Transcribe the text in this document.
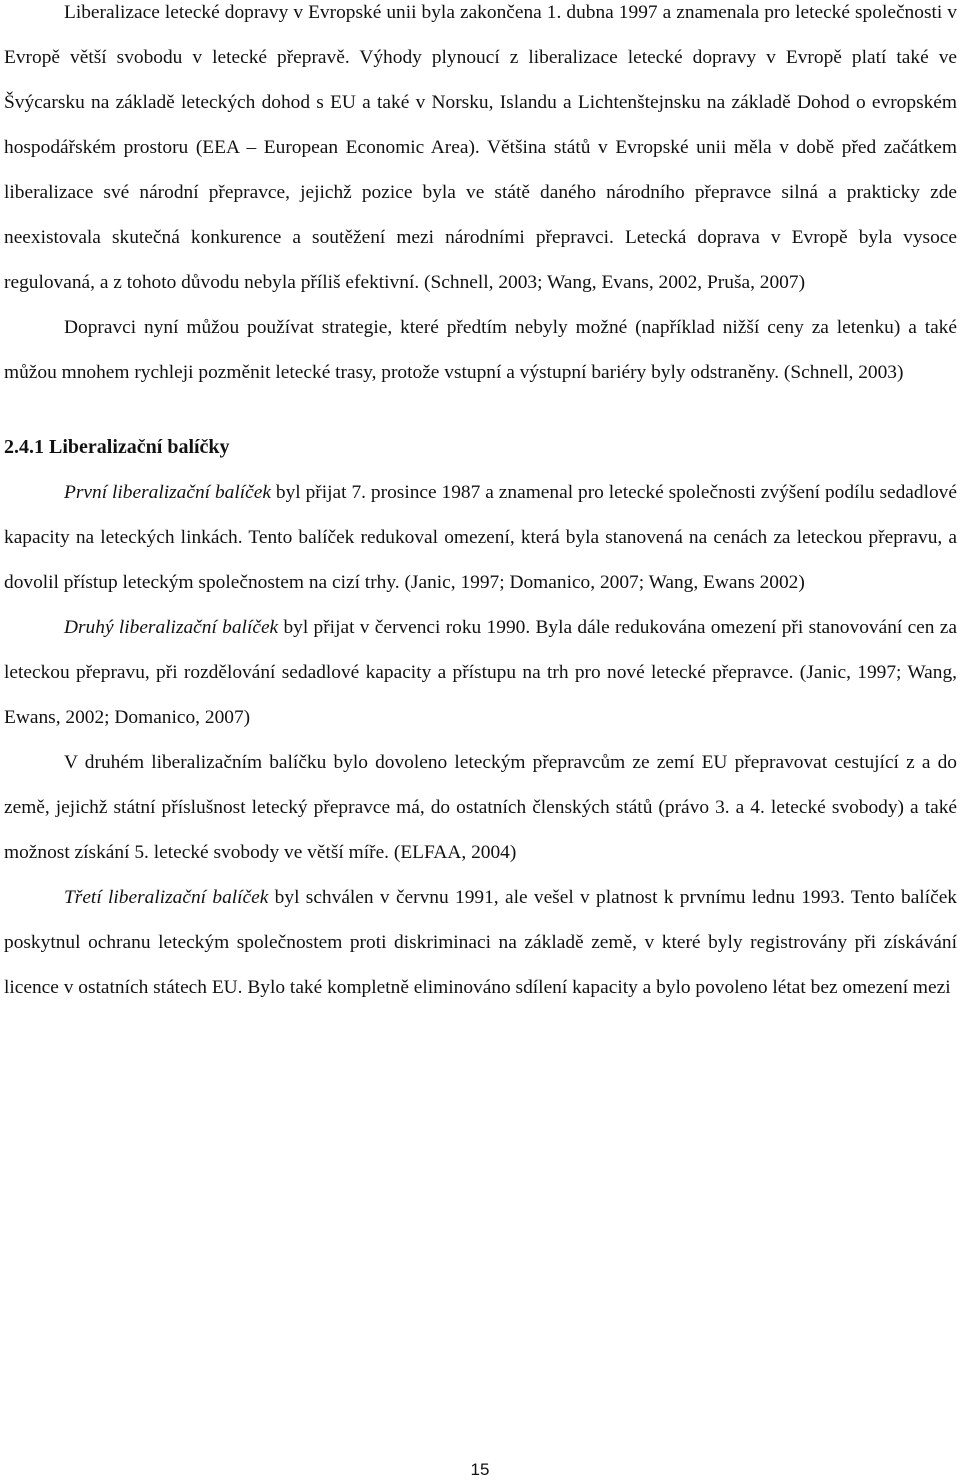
Liberalizace letecké dopravy v Evropské unii byla zakončena 1. dubna 1997 a znamenala pro letecké společnosti v Evropě větší svobodu v letecké přepravě. Výhody plynoucí z liberalizace letecké dopravy v Evropě platí také ve Švýcarsku na základě leteckých dohod s EU a také v Norsku, Islandu a Lichtenštejnsku na základě Dohod o evropském hospodářském prostoru (EEA – European Economic Area). Většina států v Evropské unii měla v době před začátkem liberalizace své národní přepravce, jejichž pozice byla ve státě daného národního přepravce silná a prakticky zde neexistovala skutečná konkurence a soutěžení mezi národními přepravci. Letecká doprava v Evropě byla vysoce regulovaná, a z tohoto důvodu nebyla příliš efektivní. (Schnell, 2003; Wang, Evans, 2002, Pruša, 2007)

Dopravci nyní můžou používat strategie, které předtím nebyly možné (například nižší ceny za letenku) a také můžou mnohem rychleji pozměnit letecké trasy, protože vstupní a výstupní bariéry byly odstraněny. (Schnell, 2003)

2.4.1 Liberalizační balíčky

První liberalizační balíček byl přijat 7. prosince 1987 a znamenal pro letecké společnosti zvýšení podílu sedadlové kapacity na leteckých linkách. Tento balíček redukoval omezení, která byla stanovená na cenách za leteckou přepravu, a dovolil přístup leteckým společnostem na cizí trhy. (Janic, 1997; Domanico, 2007; Wang, Ewans 2002)

Druhý liberalizační balíček byl přijat v červenci roku 1990. Byla dále redukována omezení při stanovování cen za leteckou přepravu, při rozdělování sedadlové kapacity a přístupu na trh pro nové letecké přepravce. (Janic, 1997; Wang, Ewans, 2002; Domanico, 2007)

V druhém liberalizačním balíčku bylo dovoleno leteckým přepravcům ze zemí EU přepravovat cestující z a do země, jejichž státní příslušnost letecký přepravce má, do ostatních členských států (právo 3. a 4. letecké svobody) a také možnost získání 5. letecké svobody ve větší míře. (ELFAA, 2004)

Třetí liberalizační balíček byl schválen v červnu 1991, ale vešel v platnost k prvnímu lednu 1993. Tento balíček poskytnul ochranu leteckým společnostem proti diskriminaci na základě země, v které byly registrovány při získávání licence v ostatních státech EU. Bylo také kompletně eliminováno sdílení kapacity a bylo povoleno létat bez omezení mezi

15
